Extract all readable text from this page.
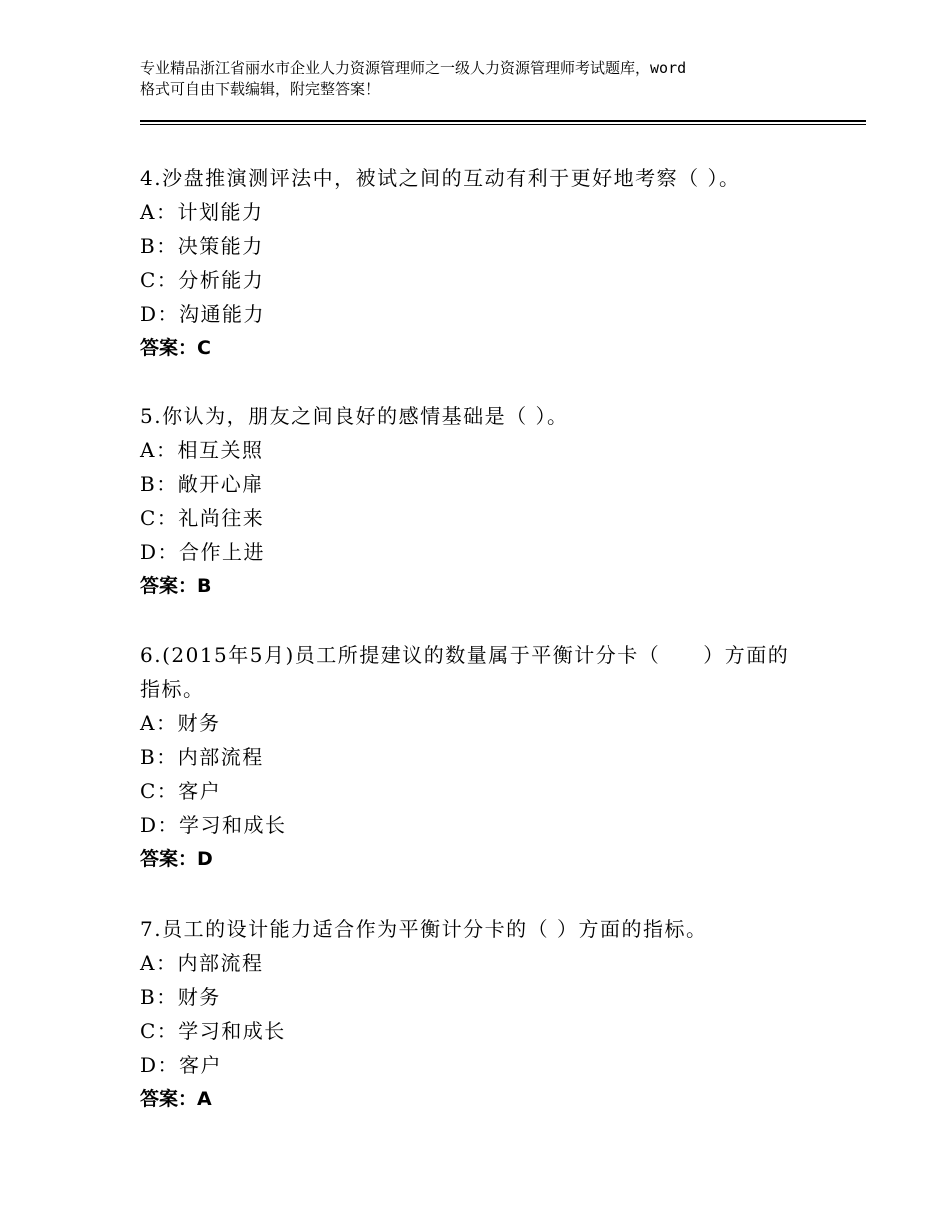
专业精品浙江省丽水市企业人力资源管理师之一级人力资源管理师考试题库，word
格式可自由下载编辑，附完整答案！

4.沙盘推演测评法中，被试之间的互动有利于更好地考察（ ）。

A：计划能力

B：决策能力

C：分析能力

D：沟通能力

答案：C

5.你认为，朋友之间良好的感情基础是（ ）。

A：相互关照

B：敞开心扉

C：礼尚往来

D：合作上进

答案：B

6.(2015年5月)员工所提建议的数量属于平衡计分卡（　　）方面的指标。

A：财务

B：内部流程

C：客户

D：学习和成长

答案：D

7.员工的设计能力适合作为平衡计分卡的（ ）方面的指标。

A：内部流程

B：财务

C：学习和成长

D：客户

答案：A
